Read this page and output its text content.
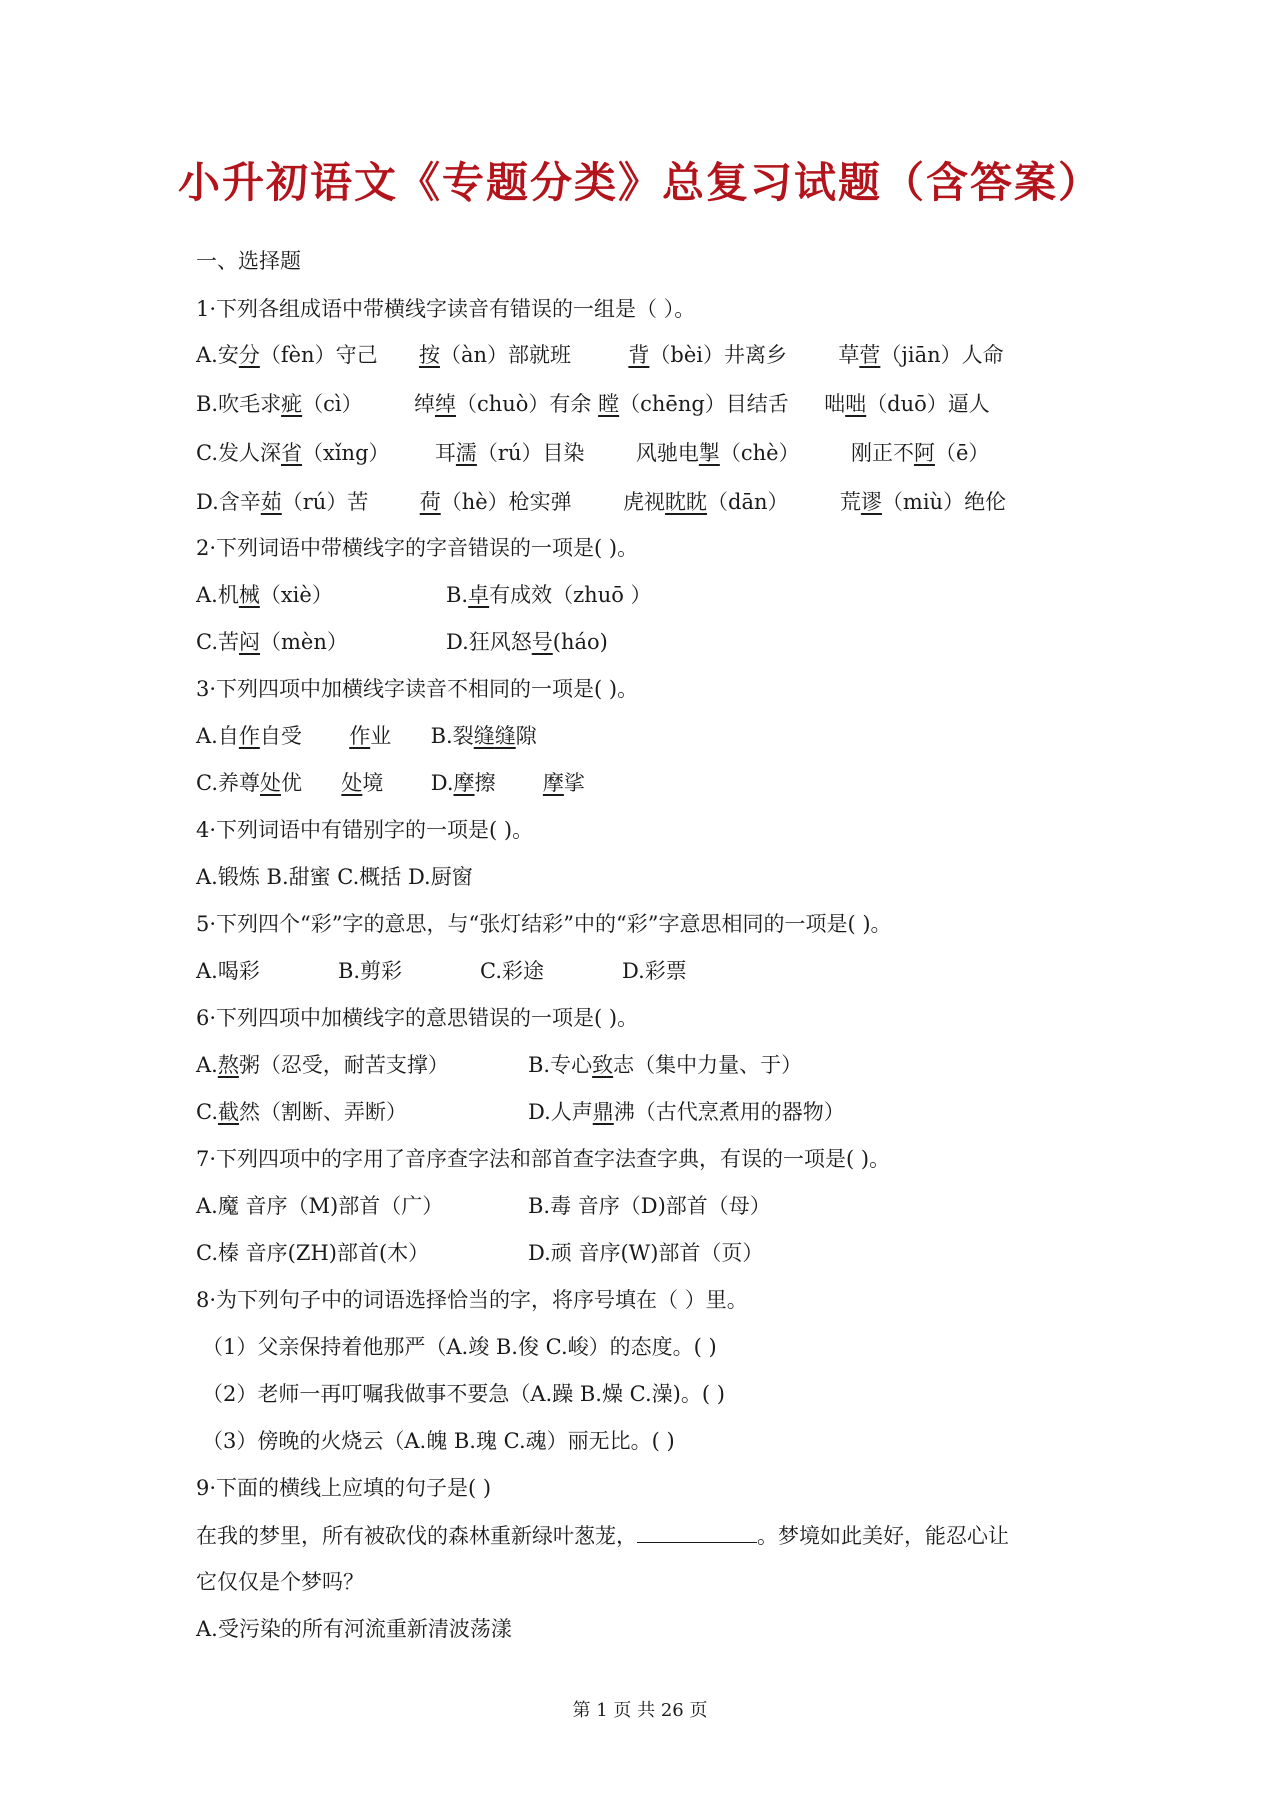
小升初语文《专题分类》总复习试题（含答案）
一、选择题
1·下列各组成语中带横线字读音有错误的一组是（ ）。
A.安分（fèn）守己 按（àn）部就班	背（bèi）井离乡 草菅（jiān）人命
B.吹毛求疵（cì） 绰绰（chuò）有余 瞠（chēng）目结舌 咄咄（duō）逼人
C.发人深省（xǐng） 耳濡（rú）目染 风驰电掣（chè） 刚正不阿（ē）
D.含辛茹（rú）苦 荷（hè）枪实弹 虎视眈眈（dān） 荒谬（miù）绝伦
2·下列词语中带横线字的字音错误的一项是( )。
A.机械（xiè）	B.卓有成效（zhuō ）
C.苦闷（mèn）	D.狂风怒号(háo)
3·下列四项中加横线字读音不相同的一项是( )。
A.自作自受 作业 B.裂缝缝隙
C.养尊处优 处境 D.摩擦 摩挲
4·下列词语中有错别字的一项是( )。
A.锻炼 B.甜蜜 C.概括 D.厨窗
5·下列四个“彩”字的意思，与“张灯结彩”中的“彩”字意思相同的一项是( )。
A.喝彩	B.剪彩	C.彩途	D.彩票
6·下列四项中加横线字的意思错误的一项是( )。
A.熬粥（忍受，耐苦支撑）	B.专心致志（集中力量、于）
C.截然（割断、弄断）	D.人声鼎沸（古代烹煮用的器物）
7·下列四项中的字用了音序查字法和部首查字法查字典，有误的一项是( )。
A.魔 音序（M)部首（广）	B.毒 音序（D)部首（母）
C.榛 音序(ZH)部首(木）	D.顽 音序(W)部首（页）
8·为下列句子中的词语选择恰当的字，将序号填在（ ）里。
（1）父亲保持着他那严（A.竣 B.俊 C.峻）的态度。( )
（2）老师一再叮嘱我做事不要急（A.躁 B.燥 C.澡)。( )
（3）傍晚的火烧云（A.魄 B.瑰 C.魂）丽无比。( )
9·下面的横线上应填的句子是( )
在我的梦里，所有被砍伐的森林重新绿叶葱茏，	。梦境如此美好，能忍心让
它仅仅是个梦吗？
A.受污染的所有河流重新清波荡漾
第 1 页 共 26 页
